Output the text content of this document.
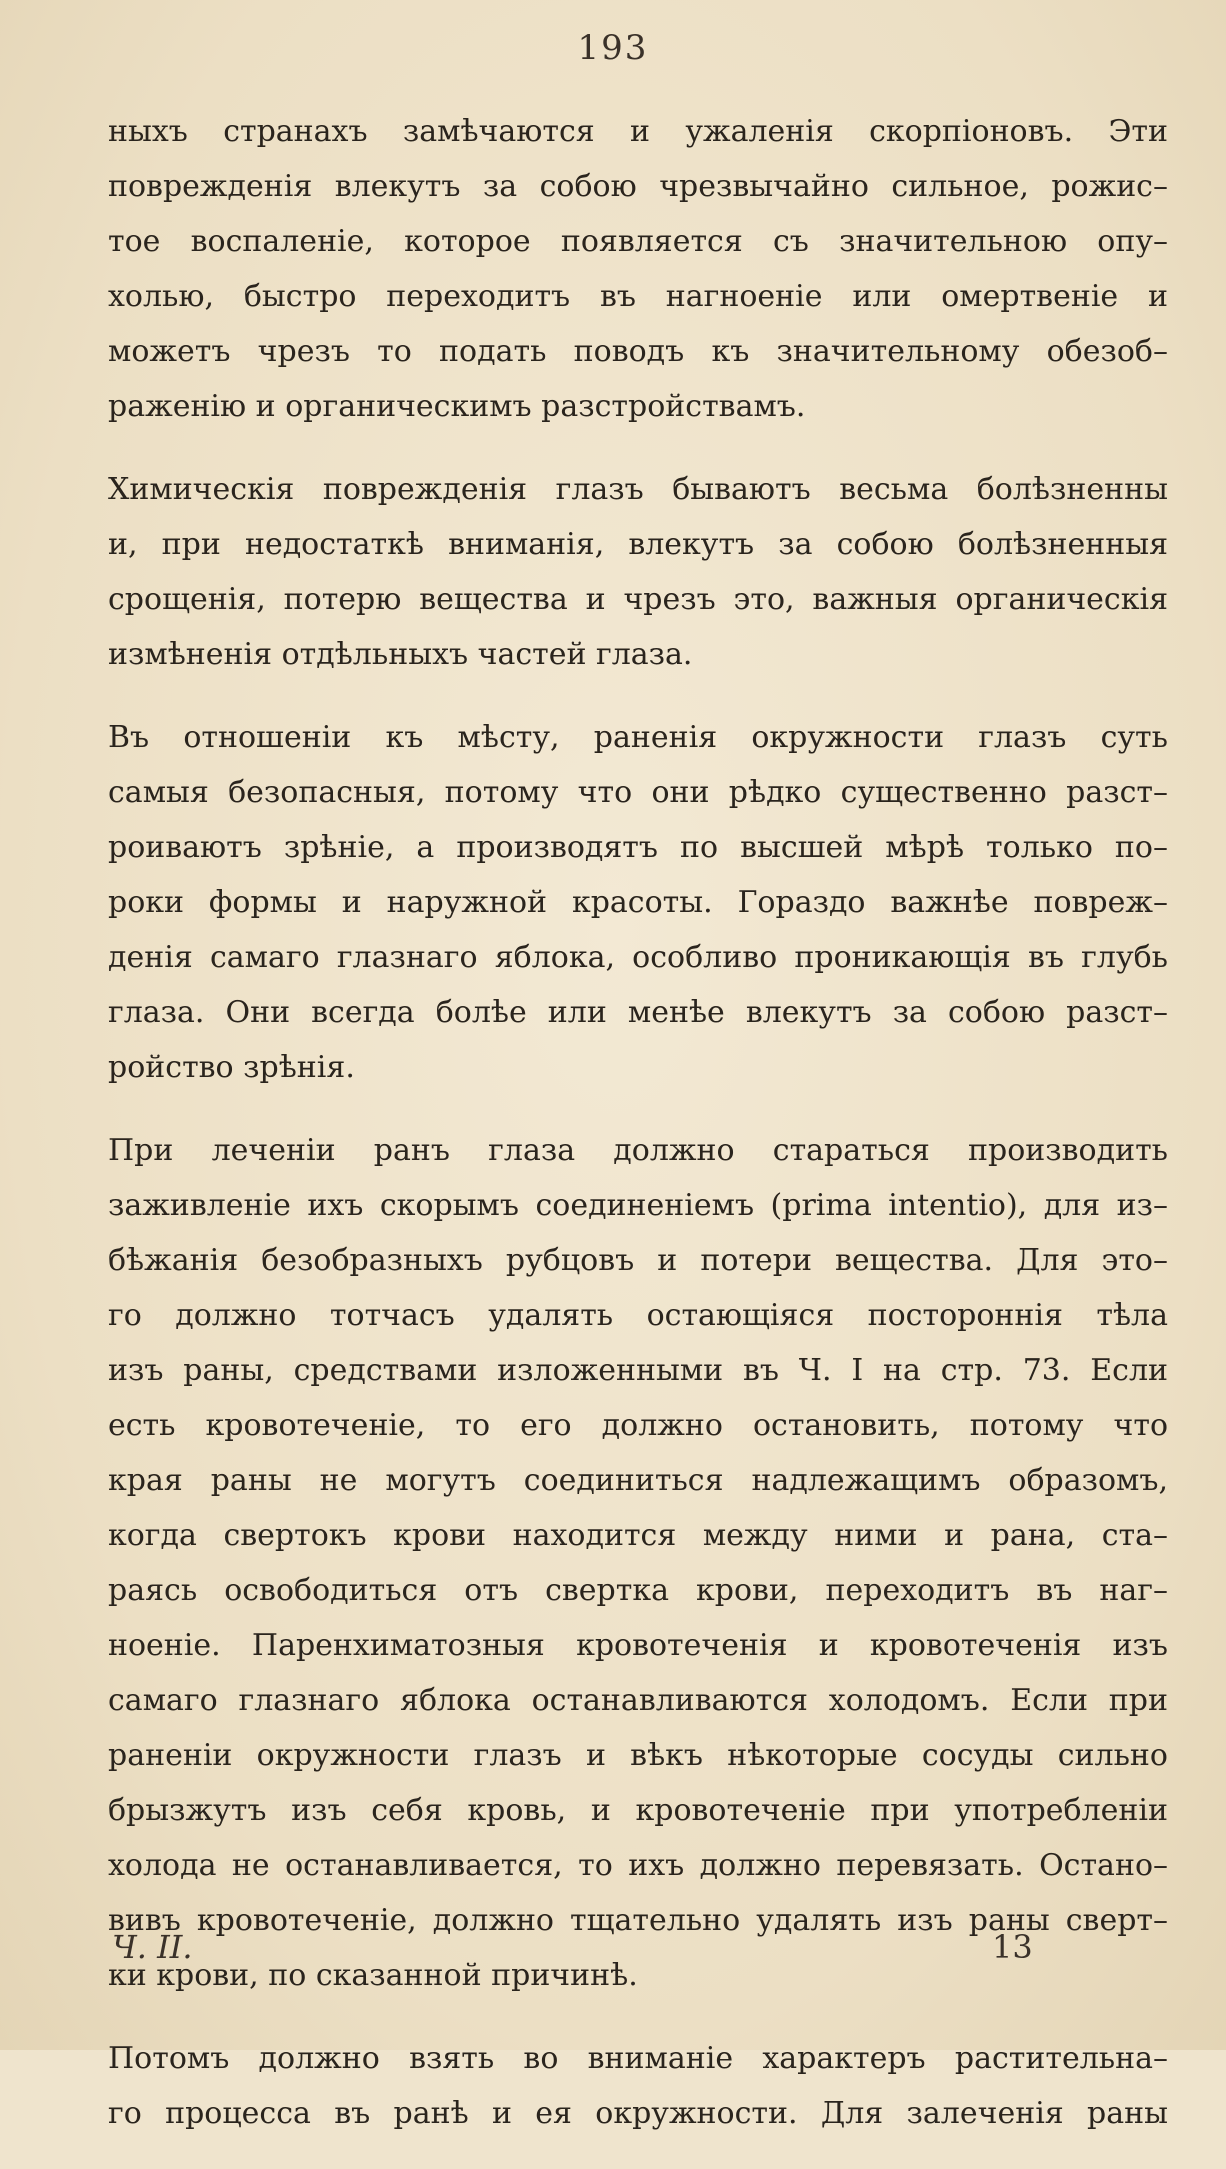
193
ныхъ странахъ замѣчаются и ужаленія скорпіоновъ. Эти
поврежденія влекутъ за собою чрезвычайно сильное, рожис–
тое воспаленіе, которое появляется съ значительною опу–
холью, быстро переходитъ въ нагноеніе или омертвеніе и
можетъ чрезъ то подать поводъ къ значительному обезоб–
раженію и органическимъ разстройствамъ.
Химическія поврежденія глазъ бываютъ весьма болѣзненны
и, при недостаткѣ вниманія, влекутъ за собою болѣзненныя
срощенія, потерю вещества и чрезъ это, важныя органическія
измѣненія отдѣльныхъ частей глаза.
Въ отношеніи къ мѣсту, раненія окружности глазъ суть
самыя безопасныя, потому что они рѣдко существенно разст–
роиваютъ зрѣніе, а производятъ по высшей мѣрѣ только по–
роки формы и наружной красоты. Гораздо важнѣе повреж–
денія самаго глазнаго яблока, особливо проникающія въ глубь
глаза. Они всегда болѣе или менѣе влекутъ за собою разст–
ройство зрѣнія.
При леченіи ранъ глаза должно стараться производить
заживленіе ихъ скорымъ соединеніемъ (prima intentio), для из–
бѣжанія безобразныхъ рубцовъ и потери вещества. Для это–
го должно тотчасъ удалять остающіяся постороннія тѣла
изъ раны, средствами изложенными въ Ч. I на стр. 73. Если
есть кровотеченіе, то его должно остановить, потому что
края раны не могутъ соединиться надлежащимъ образомъ,
когда свертокъ крови находится между ними и рана, ста–
раясь освободиться отъ свертка крови, переходитъ въ наг–
ноеніе. Паренхиматозныя кровотеченія и кровотеченія изъ
самаго глазнаго яблока останавливаются холодомъ. Если при
раненіи окружности глазъ и вѣкъ нѣкоторые сосуды сильно
брызжутъ изъ себя кровь, и кровотеченіе при употребленіи
холода не останавливается, то ихъ должно перевязать. Остано–
вивъ кровотеченіе, должно тщательно удалять изъ раны сверт–
ки крови, по сказанной причинѣ.
Потомъ должно взять во вниманіе характеръ растительна–
го процесса въ ранѣ и ея окружности. Для залеченія раны
Ч. II.	13
